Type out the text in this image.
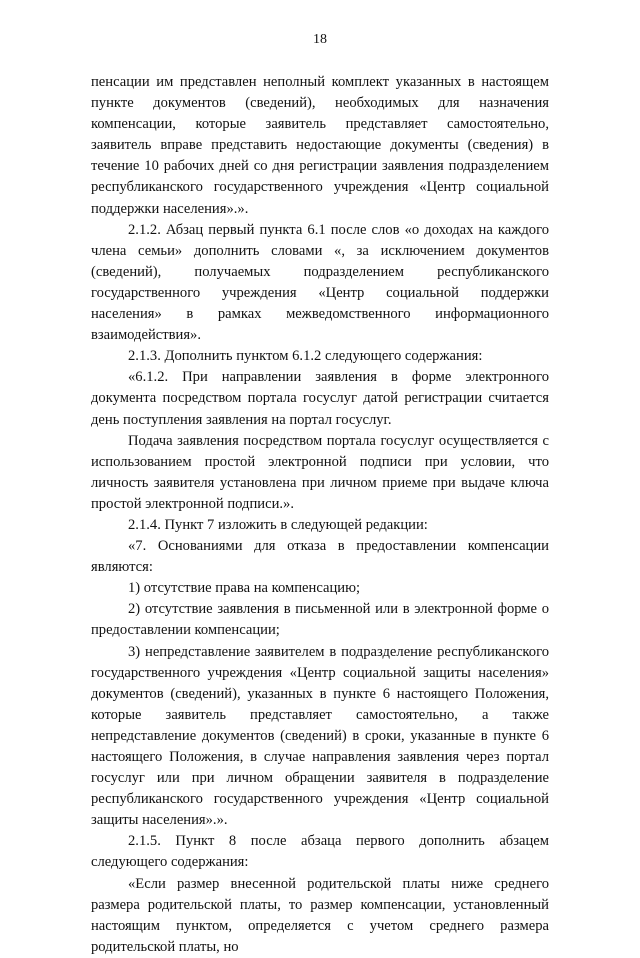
18

пенсации им представлен неполный комплект указанных в настоящем пункте документов (сведений), необходимых для назначения компенсации, которые заявитель представляет самостоятельно, заявитель вправе представить недостающие документы (сведения) в течение 10 рабочих дней со дня регистрации заявления подразделением республиканского государственного учреждения «Центр социальной поддержки населения».».

2.1.2. Абзац первый пункта 6.1 после слов «о доходах на каждого члена семьи» дополнить словами «, за исключением документов (сведений), получаемых подразделением республиканского государственного учреждения «Центр социальной поддержки населения» в рамках межведомственного информационного взаимодействия».

2.1.3. Дополнить пунктом 6.1.2 следующего содержания:

«6.1.2. При направлении заявления в форме электронного документа посредством портала госуслуг датой регистрации считается день поступления заявления на портал госуслуг.

Подача заявления посредством портала госуслуг осуществляется с использованием простой электронной подписи при условии, что личность заявителя установлена при личном приеме при выдаче ключа простой электронной подписи.».

2.1.4. Пункт 7 изложить в следующей редакции:

«7. Основаниями для отказа в предоставлении компенсации являются:

1) отсутствие права на компенсацию;

2) отсутствие заявления в письменной или в электронной форме о предоставлении компенсации;

3) непредставление заявителем в подразделение республиканского государственного учреждения «Центр социальной защиты населения» документов (сведений), указанных в пункте 6 настоящего Положения, которые заявитель представляет самостоятельно, а также непредставление документов (сведений) в сроки, указанные в пункте 6 настоящего Положения, в случае направления заявления через портал госуслуг или при личном обращении заявителя в подразделение республиканского государственного учреждения «Центр социальной защиты населения».».

2.1.5. Пункт 8 после абзаца первого дополнить абзацем следующего содержания:

«Если размер внесенной родительской платы ниже среднего размера родительской платы, то размер компенсации, установленный настоящим пунктом, определяется с учетом среднего размера родительской платы, но
